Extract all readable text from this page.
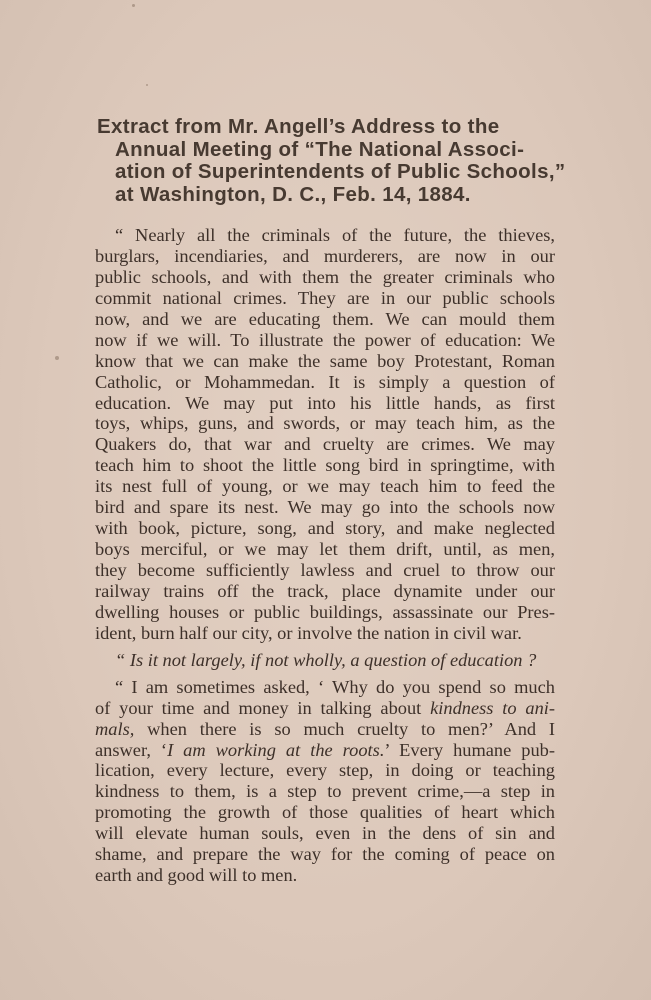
Extract from Mr. Angell’s Address to the
Annual Meeting of “The National Associ-
ation of Superintendents of Public Schools,”
at Washington, D. C., Feb. 14, 1884.
“ Nearly all the criminals of the future, the thieves,
burglars, incendiaries, and murderers, are now in our
public schools, and with them the greater criminals who
commit national crimes. They are in our public schools
now, and we are educating them. We can mould them
now if we will. To illustrate the power of education: We
know that we can make the same boy Protestant, Roman
Catholic, or Mohammedan. It is simply a question of
education. We may put into his little hands, as first
toys, whips, guns, and swords, or may teach him, as the
Quakers do, that war and cruelty are crimes. We may
teach him to shoot the little song bird in springtime, with
its nest full of young, or we may teach him to feed the
bird and spare its nest. We may go into the schools now
with book, picture, song, and story, and make neglected
boys merciful, or we may let them drift, until, as men,
they become sufficiently lawless and cruel to throw our
railway trains off the track, place dynamite under our
dwelling houses or public buildings, assassinate our Pres-
ident, burn half our city, or involve the nation in civil war.
“ Is it not largely, if not wholly, a question of education ?
“ I am sometimes asked, ‘ Why do you spend so much
of your time and money in talking about kindness to ani-
mals, when there is so much cruelty to men?’ And I
answer, ‘I am working at the roots.’ Every humane pub-
lication, every lecture, every step, in doing or teaching
kindness to them, is a step to prevent crime,—a step in
promoting the growth of those qualities of heart which
will elevate human souls, even in the dens of sin and
shame, and prepare the way for the coming of peace on
earth and good will to men.
